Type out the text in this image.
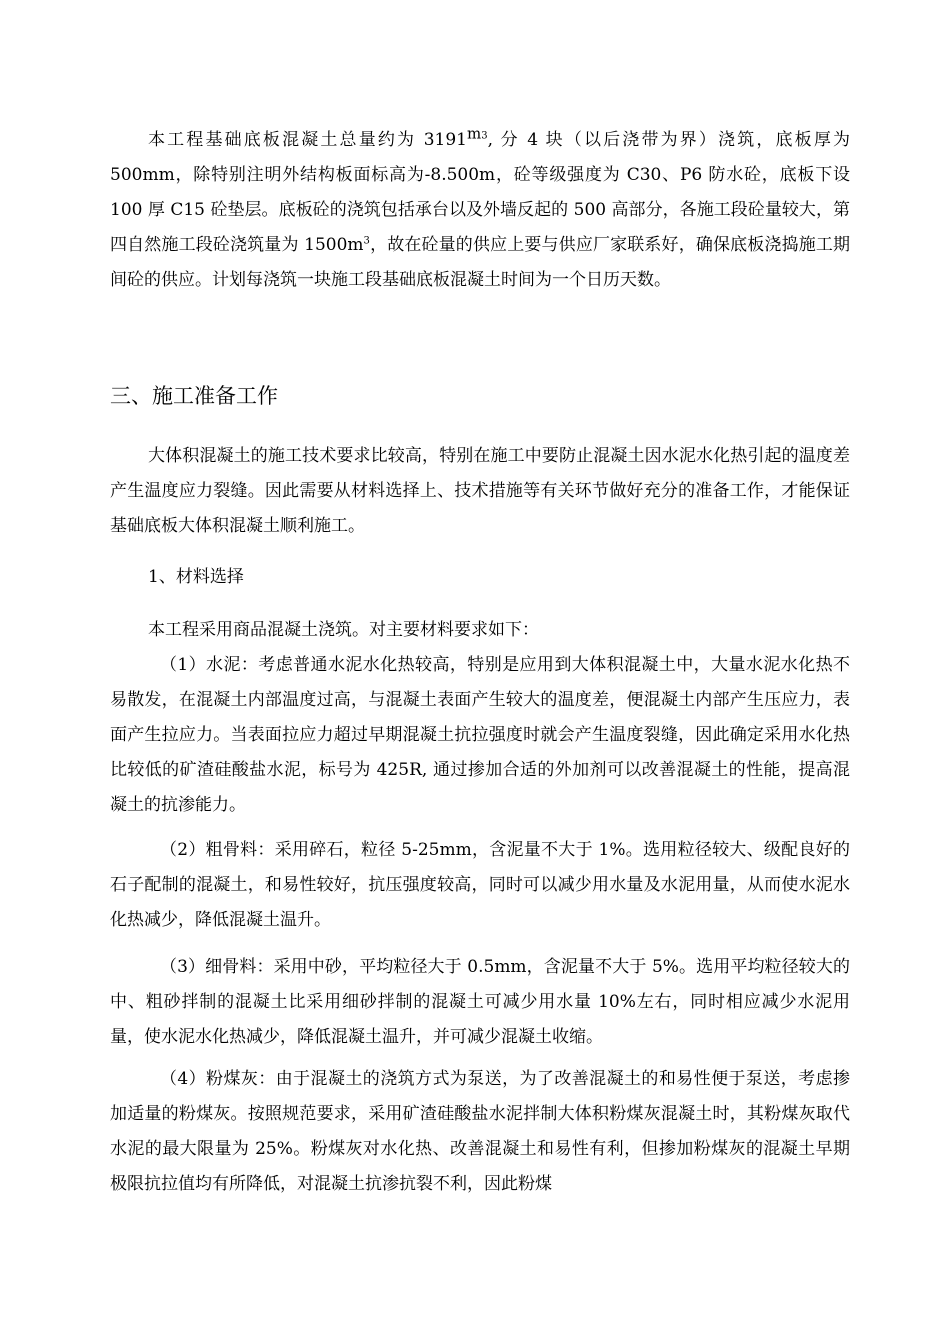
本工程基础底板混凝土总量约为 $3191^{m3}$, 分 4 块（以后浇带为界）浇筑，底板厚为 500mm，除特别注明外结构板面标高为-8.500m，砼等级强度为 C30、P6 防水砼，底板下设 100 厚 C15 砼垫层。底板砼的浇筑包括承台以及外墙反起的 500 高部分，各施工段砼量较大，第四自然施工段砼浇筑量为 $1500m^3$，故在砼量的供应上要与供应厂家联系好，确保底板浇捣施工期间砼的供应。计划每浇筑一块施工段基础底板混凝土时间为一个日历天数。

三、施工准备工作

大体积混凝土的施工技术要求比较高，特别在施工中要防止混凝土因水泥水化热引起的温度差产生温度应力裂缝。因此需要从材料选择上、技术措施等有关环节做好充分的准备工作，才能保证基础底板大体积混凝土顺利施工。

1、材料选择

本工程采用商品混凝土浇筑。对主要材料要求如下：

（1）水泥：考虑普通水泥水化热较高，特别是应用到大体积混凝土中，大量水泥水化热不易散发，在混凝土内部温度过高，与混凝土表面产生较大的温度差，便混凝土内部产生压应力，表面产生拉应力。当表面拉应力超过早期混凝土抗拉强度时就会产生温度裂缝，因此确定采用水化热比较低的矿渣硅酸盐水泥，标号为 425R, 通过掺加合适的外加剂可以改善混凝土的性能，提高混凝土的抗渗能力。

（2）粗骨料：采用碎石，粒径 5-25mm，含泥量不大于 1%。选用粒径较大、级配良好的石子配制的混凝土，和易性较好，抗压强度较高，同时可以减少用水量及水泥用量，从而使水泥水化热减少，降低混凝土温升。

（3）细骨料：采用中砂，平均粒径大于 0.5mm，含泥量不大于 5%。选用平均粒径较大的中、粗砂拌制的混凝土比采用细砂拌制的混凝土可减少用水量 10%左右，同时相应减少水泥用量，使水泥水化热减少，降低混凝土温升，并可减少混凝土收缩。

（4）粉煤灰：由于混凝土的浇筑方式为泵送，为了改善混凝土的和易性便于泵送，考虑掺加适量的粉煤灰。按照规范要求，采用矿渣硅酸盐水泥拌制大体积粉煤灰混凝土时，其粉煤灰取代水泥的最大限量为 25%。粉煤灰对水化热、改善混凝土和易性有利，但掺加粉煤灰的混凝土早期极限抗拉值均有所降低，对混凝土抗渗抗裂不利，因此粉煤
